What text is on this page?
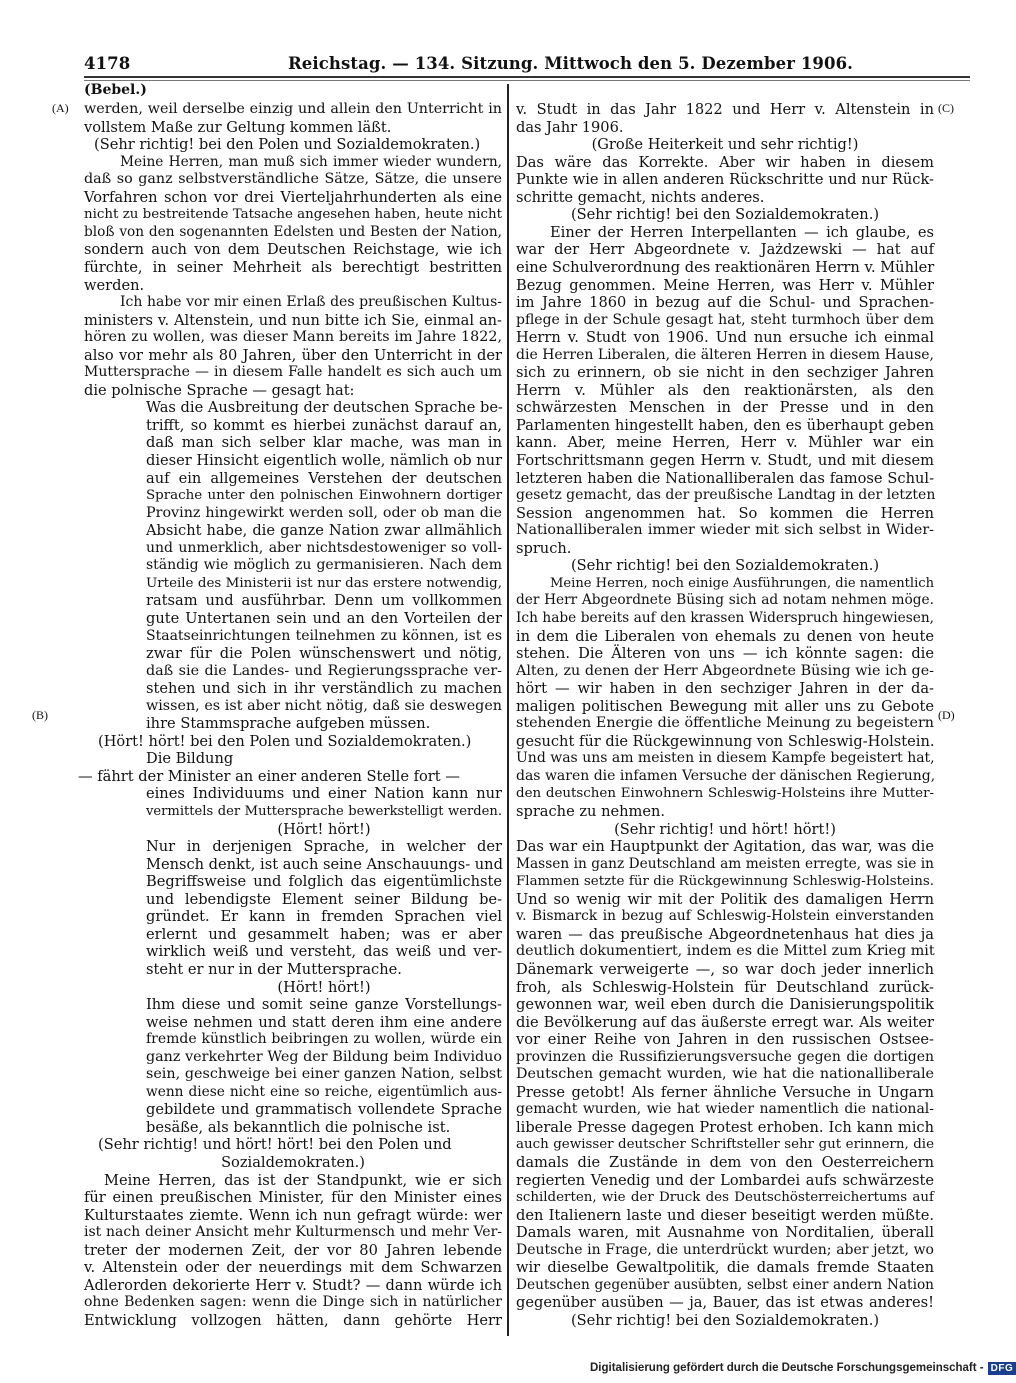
4178	Reichstag. — 134. Sitzung. Mittwoch den 5. Dezember 1906.
(Bebel.)
(A)
(B)
(C)
(D)
werden, weil derselbe einzig und allein den Unterricht in
vollstem Maße zur Geltung kommen läßt.
(Sehr richtig! bei den Polen und Sozialdemokraten.)
Meine Herren, man muß sich immer wieder wundern,
daß so ganz selbstverständliche Sätze, Sätze, die unsere
Vorfahren schon vor drei Vierteljahrhunderten als eine
nicht zu bestreitende Tatsache angesehen haben, heute nicht
bloß von den sogenannten Edelsten und Besten der Nation,
sondern auch von dem Deutschen Reichstage, wie ich
fürchte, in seiner Mehrheit als berechtigt bestritten
werden.
Ich habe vor mir einen Erlaß des preußischen Kultus-
ministers v. Altenstein, und nun bitte ich Sie, einmal an-
hören zu wollen, was dieser Mann bereits im Jahre 1822,
also vor mehr als 80 Jahren, über den Unterricht in der
Muttersprache — in diesem Falle handelt es sich auch um
die polnische Sprache — gesagt hat:
Was die Ausbreitung der deutschen Sprache be-
trifft, so kommt es hierbei zunächst darauf an,
daß man sich selber klar mache, was man in
dieser Hinsicht eigentlich wolle, nämlich ob nur
auf ein allgemeines Verstehen der deutschen
Sprache unter den polnischen Einwohnern dortiger
Provinz hingewirkt werden soll, oder ob man die
Absicht habe, die ganze Nation zwar allmählich
und unmerklich, aber nichtsdestoweniger so voll-
ständig wie möglich zu germanisieren. Nach dem
Urteile des Ministerii ist nur das erstere notwendig,
ratsam und ausführbar. Denn um vollkommen
gute Untertanen sein und an den Vorteilen der
Staatseinrichtungen teilnehmen zu können, ist es
zwar für die Polen wünschenswert und nötig,
daß sie die Landes- und Regierungssprache ver-
stehen und sich in ihr verständlich zu machen
wissen, es ist aber nicht nötig, daß sie deswegen
ihre Stammsprache aufgeben müssen.
(Hört! hört! bei den Polen und Sozialdemokraten.)
Die Bildung
— fährt der Minister an einer anderen Stelle fort —
eines Individuums und einer Nation kann nur
vermittels der Muttersprache bewerkstelligt werden.
(Hört! hört!)
Nur in derjenigen Sprache, in welcher der
Mensch denkt, ist auch seine Anschauungs- und
Begriffsweise und folglich das eigentümlichste
und lebendigste Element seiner Bildung be-
gründet. Er kann in fremden Sprachen viel
erlernt und gesammelt haben; was er aber
wirklich weiß und versteht, das weiß und ver-
steht er nur in der Muttersprache.
(Hört! hört!)
Ihm diese und somit seine ganze Vorstellungs-
weise nehmen und statt deren ihm eine andere
fremde künstlich beibringen zu wollen, würde ein
ganz verkehrter Weg der Bildung beim Individuo
sein, geschweige bei einer ganzen Nation, selbst
wenn diese nicht eine so reiche, eigentümlich aus-
gebildete und grammatisch vollendete Sprache
besäße, als bekanntlich die polnische ist.
(Sehr richtig! und hört! hört! bei den Polen und
Sozialdemokraten.)
Meine Herren, das ist der Standpunkt, wie er sich
für einen preußischen Minister, für den Minister eines
Kulturstaates ziemte. Wenn ich nun gefragt würde: wer
ist nach deiner Ansicht mehr Kulturmensch und mehr Ver-
treter der modernen Zeit, der vor 80 Jahren lebende
v. Altenstein oder der neuerdings mit dem Schwarzen
Adlerorden dekorierte Herr v. Studt? — dann würde ich
ohne Bedenken sagen: wenn die Dinge sich in natürlicher
Entwicklung vollzogen hätten, dann gehörte Herr
v. Studt in das Jahr 1822 und Herr v. Altenstein in
das Jahr 1906.
(Große Heiterkeit und sehr richtig!)
Das wäre das Korrekte. Aber wir haben in diesem
Punkte wie in allen anderen Rückschritte und nur Rück-
schritte gemacht, nichts anderes.
(Sehr richtig! bei den Sozialdemokraten.)
Einer der Herren Interpellanten — ich glaube, es
war der Herr Abgeordnete v. Jażdzewski — hat auf
eine Schulverordnung des reaktionären Herrn v. Mühler
Bezug genommen. Meine Herren, was Herr v. Mühler
im Jahre 1860 in bezug auf die Schul- und Sprachen-
pflege in der Schule gesagt hat, steht turmhoch über dem
Herrn v. Studt von 1906. Und nun ersuche ich einmal
die Herren Liberalen, die älteren Herren in diesem Hause,
sich zu erinnern, ob sie nicht in den sechziger Jahren
Herrn v. Mühler als den reaktionärsten, als den
schwärzesten Menschen in der Presse und in den
Parlamenten hingestellt haben, den es überhaupt geben
kann. Aber, meine Herren, Herr v. Mühler war ein
Fortschrittsmann gegen Herrn v. Studt, und mit diesem
letzteren haben die Nationalliberalen das famose Schul-
gesetz gemacht, das der preußische Landtag in der letzten
Session angenommen hat. So kommen die Herren
Nationalliberalen immer wieder mit sich selbst in Wider-
spruch.
(Sehr richtig! bei den Sozialdemokraten.)
Meine Herren, noch einige Ausführungen, die namentlich
der Herr Abgeordnete Büsing sich ad notam nehmen möge.
Ich habe bereits auf den krassen Widerspruch hingewiesen,
in dem die Liberalen von ehemals zu denen von heute
stehen. Die Älteren von uns — ich könnte sagen: die
Alten, zu denen der Herr Abgeordnete Büsing wie ich ge-
hört — wir haben in den sechziger Jahren in der da-
maligen politischen Bewegung mit aller uns zu Gebote
stehenden Energie die öffentliche Meinung zu begeistern
gesucht für die Rückgewinnung von Schleswig-Holstein.
Und was uns am meisten in diesem Kampfe begeistert hat,
das waren die infamen Versuche der dänischen Regierung,
den deutschen Einwohnern Schleswig-Holsteins ihre Mutter-
sprache zu nehmen.
(Sehr richtig! und hört! hört!)
Das war ein Hauptpunkt der Agitation, das war, was die
Massen in ganz Deutschland am meisten erregte, was sie in
Flammen setzte für die Rückgewinnung Schleswig-Holsteins.
Und so wenig wir mit der Politik des damaligen Herrn
v. Bismarck in bezug auf Schleswig-Holstein einverstanden
waren — das preußische Abgeordnetenhaus hat dies ja
deutlich dokumentiert, indem es die Mittel zum Krieg mit
Dänemark verweigerte —, so war doch jeder innerlich
froh, als Schleswig-Holstein für Deutschland zurück-
gewonnen war, weil eben durch die Danisierungspolitik
die Bevölkerung auf das äußerste erregt war. Als weiter
vor einer Reihe von Jahren in den russischen Ostsee-
provinzen die Russifizierungsversuche gegen die dortigen
Deutschen gemacht wurden, wie hat die nationalliberale
Presse getobt! Als ferner ähnliche Versuche in Ungarn
gemacht wurden, wie hat wieder namentlich die national-
liberale Presse dagegen Protest erhoben. Ich kann mich
auch gewisser deutscher Schriftsteller sehr gut erinnern, die
damals die Zustände in dem von den Oesterreichern
regierten Venedig und der Lombardei aufs schwärzeste
schilderten, wie der Druck des Deutschösterreichertums auf
den Italienern laste und dieser beseitigt werden müßte.
Damals waren, mit Ausnahme von Norditalien, überall
Deutsche in Frage, die unterdrückt wurden; aber jetzt, wo
wir dieselbe Gewaltpolitik, die damals fremde Staaten
Deutschen gegenüber ausübten, selbst einer andern Nation
gegenüber ausüben — ja, Bauer, das ist etwas anderes!
(Sehr richtig! bei den Sozialdemokraten.)
Digitalisierung gefördert durch die Deutsche Forschungsgemeinschaft - DFG
